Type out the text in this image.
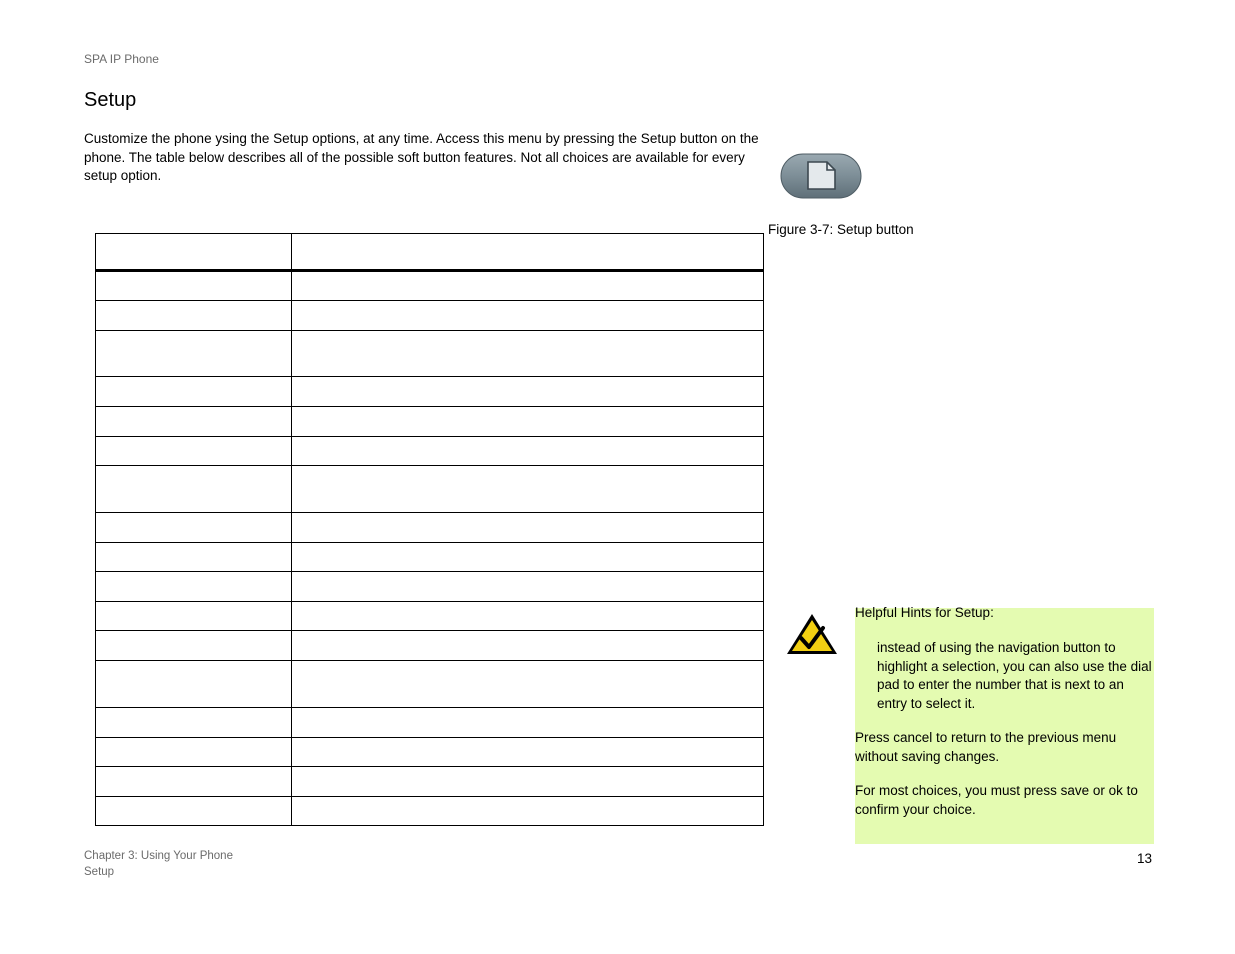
SPA IP Phone
Setup
Customize the phone ysing the Setup options, at any time. Access this menu by pressing the Setup button on the phone. The table below describes all of the possible soft button features. Not all choices are available for every setup option.
Figure 3-7: Setup button

Helpful Hints for Setup:
instead of using the navigation button to highlight a selection, you can also use the dial pad to enter the number that is next to an entry to select it.
Press cancel to return to the previous menu without saving changes.
For most choices, you must press save or ok to confirm your choice.
Chapter 3: Using Your Phone
Setup
13
